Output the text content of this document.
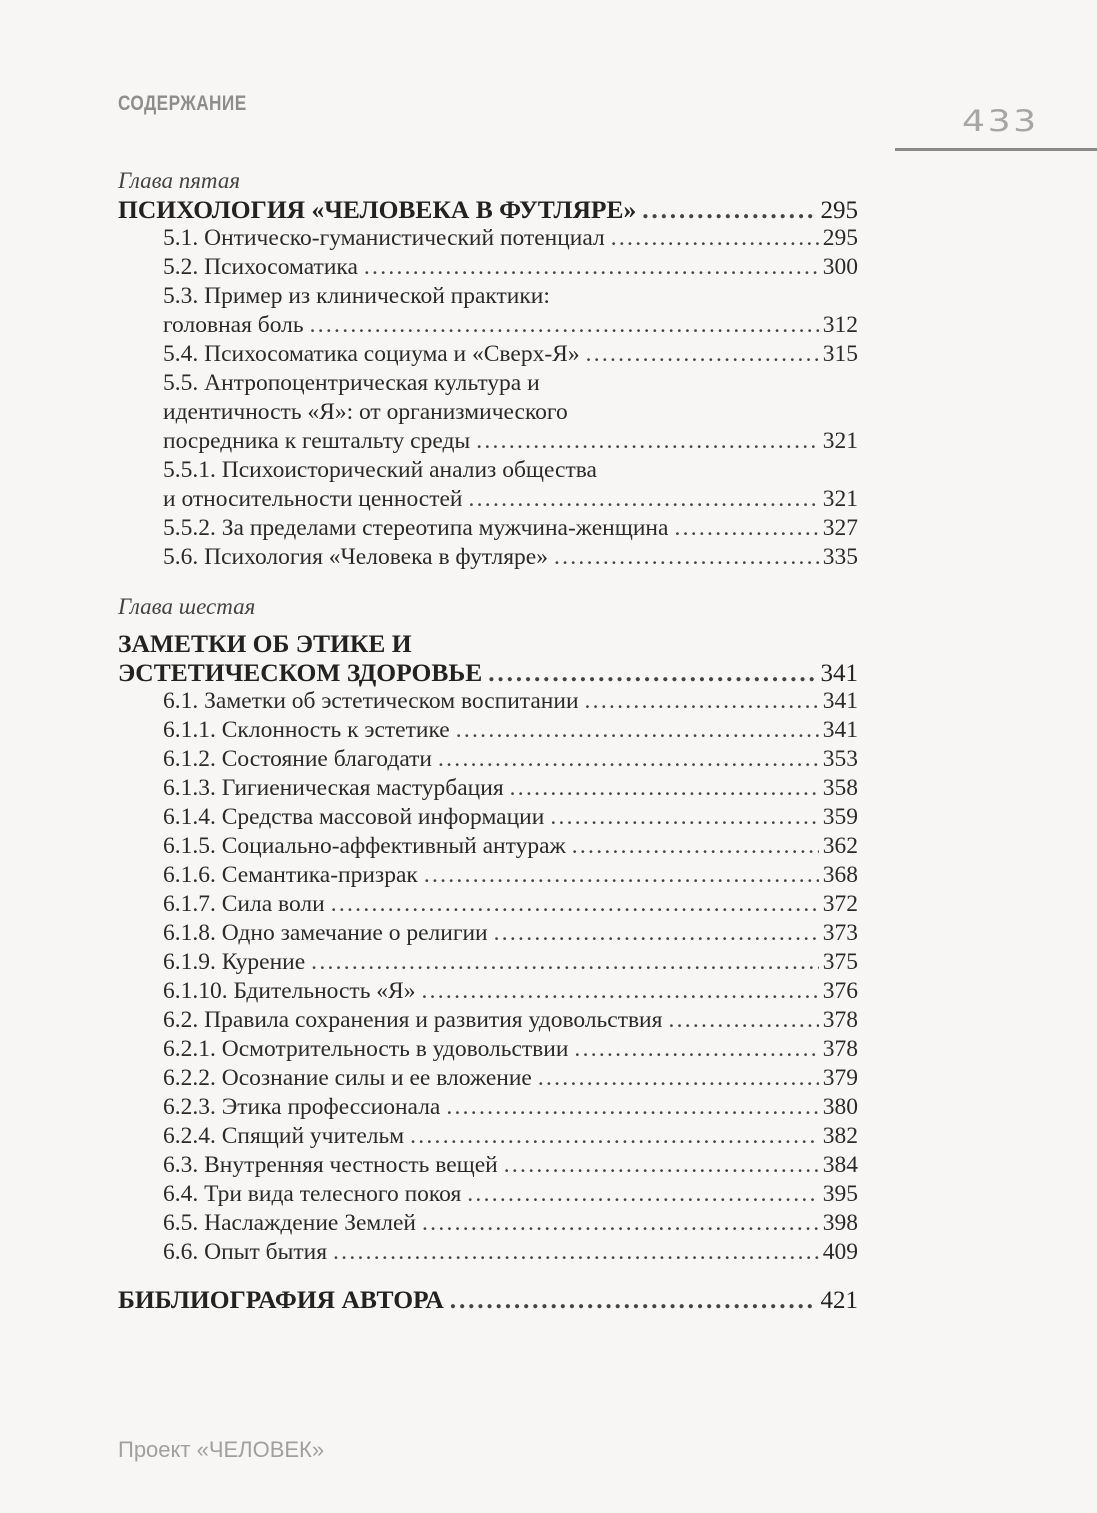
СОДЕРЖАНИЕ
433
Глава пятая
ПСИХОЛОГИЯ «ЧЕЛОВЕКА В ФУТЛЯРЕ» . . .	295
5.1. Онтическо-гуманистический потенциал . . .	295
5.2. Психосоматика . . .	300
5.3. Пример из клинической практики:
головная боль . . .	312
5.4. Психосоматика социума и «Сверх-Я» . . .	315
5.5. Антропоцентрическая культура и
идентичность «Я»: от организмического
посредника к гештальту среды . . .	321
5.5.1. Психоисторический анализ общества
и относительности ценностей . . .	321
5.5.2. За пределами стереотипа мужчина-женщина . . .	327
5.6. Психология «Человека в футляре» . . .	335
Глава шестая
ЗАМЕТКИ ОБ ЭТИКЕ И
ЭСТЕТИЧЕСКОМ ЗДОРОВЬЕ . . .	341
6.1. Заметки об эстетическом воспитании . . .	341
6.1.1. Склонность к эстетике . . .	341
6.1.2. Состояние благодати . . .	353
6.1.3. Гигиеническая мастурбация . . .	358
6.1.4. Средства массовой информации . . .	359
6.1.5. Социально-аффективный антураж . . .	362
6.1.6. Семантика-призрак . . .	368
6.1.7. Сила воли . . .	372
6.1.8. Одно замечание о религии . . .	373
6.1.9. Курение . . .	375
6.1.10. Бдительность «Я» . . .	376
6.2. Правила сохранения и развития удовольствия . . .	378
6.2.1. Осмотрительность в удовольствии . . .	378
6.2.2. Осознание силы и ее вложение . . .	379
6.2.3. Этика профессионала . . .	380
6.2.4. Спящий учительм . . .	382
6.3. Внутренняя честность вещей . . .	384
6.4. Три вида телесного покоя . . .	395
6.5. Наслаждение Землей . . .	398
6.6. Опыт бытия . . .	409
БИБЛИОГРАФИЯ АВТОРА . . .	421
Проект «ЧЕЛОВЕК»
